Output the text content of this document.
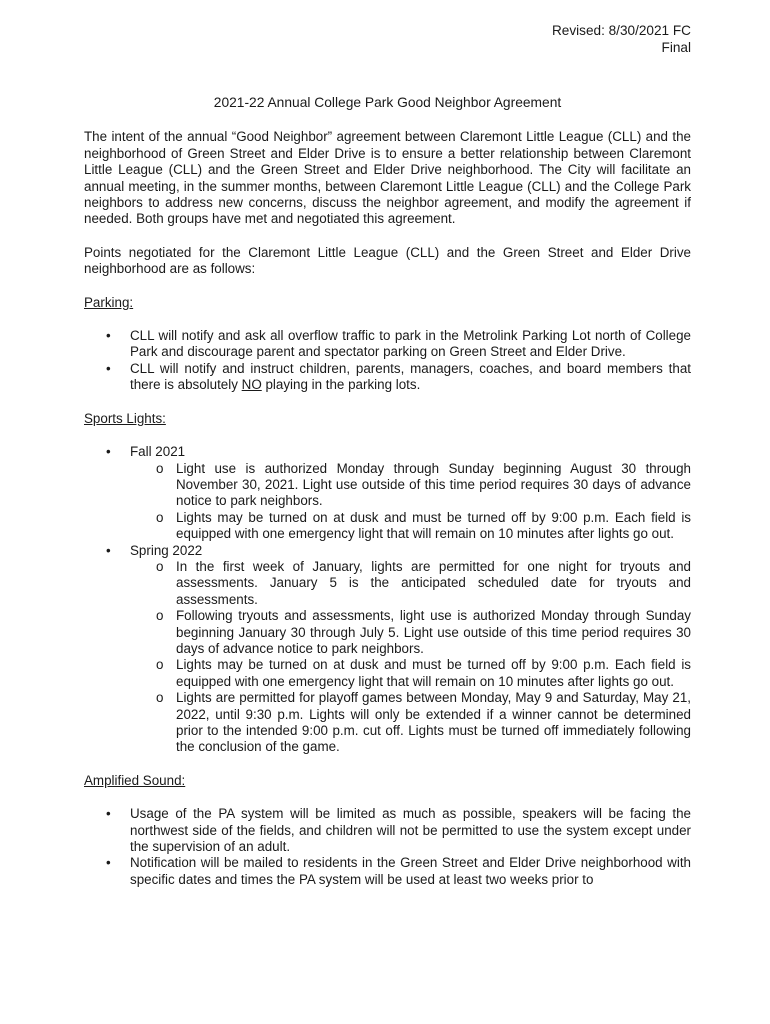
Revised: 8/30/2021 FC
Final
2021-22 Annual College Park Good Neighbor Agreement

The intent of the annual “Good Neighbor” agreement between Claremont Little League (CLL) and the neighborhood of Green Street and Elder Drive is to ensure a better relationship between Claremont Little League (CLL) and the Green Street and Elder Drive neighborhood. The City will facilitate an annual meeting, in the summer months, between Claremont Little League (CLL) and the College Park neighbors to address new concerns, discuss the neighbor agreement, and modify the agreement if needed. Both groups have met and negotiated this agreement.

Points negotiated for the Claremont Little League (CLL) and the Green Street and Elder Drive neighborhood are as follows:

Parking:
• CLL will notify and ask all overflow traffic to park in the Metrolink Parking Lot north of College Park and discourage parent and spectator parking on Green Street and Elder Drive.
• CLL will notify and instruct children, parents, managers, coaches, and board members that there is absolutely NO playing in the parking lots.
Sports Lights:
• Fall 2021
o Light use is authorized Monday through Sunday beginning August 30 through November 30, 2021. Light use outside of this time period requires 30 days of advance notice to park neighbors.
o Lights may be turned on at dusk and must be turned off by 9:00 p.m. Each field is equipped with one emergency light that will remain on 10 minutes after lights go out.
• Spring 2022
o In the first week of January, lights are permitted for one night for tryouts and assessments. January 5 is the anticipated scheduled date for tryouts and assessments.
o Following tryouts and assessments, light use is authorized Monday through Sunday beginning January 30 through July 5. Light use outside of this time period requires 30 days of advance notice to park neighbors.
o Lights may be turned on at dusk and must be turned off by 9:00 p.m. Each field is equipped with one emergency light that will remain on 10 minutes after lights go out.
o Lights are permitted for playoff games between Monday, May 9 and Saturday, May 21, 2022, until 9:30 p.m. Lights will only be extended if a winner cannot be determined prior to the intended 9:00 p.m. cut off. Lights must be turned off immediately following the conclusion of the game.
Amplified Sound:
• Usage of the PA system will be limited as much as possible, speakers will be facing the northwest side of the fields, and children will not be permitted to use the system except under the supervision of an adult.
• Notification will be mailed to residents in the Green Street and Elder Drive neighborhood with specific dates and times the PA system will be used at least two weeks prior to
